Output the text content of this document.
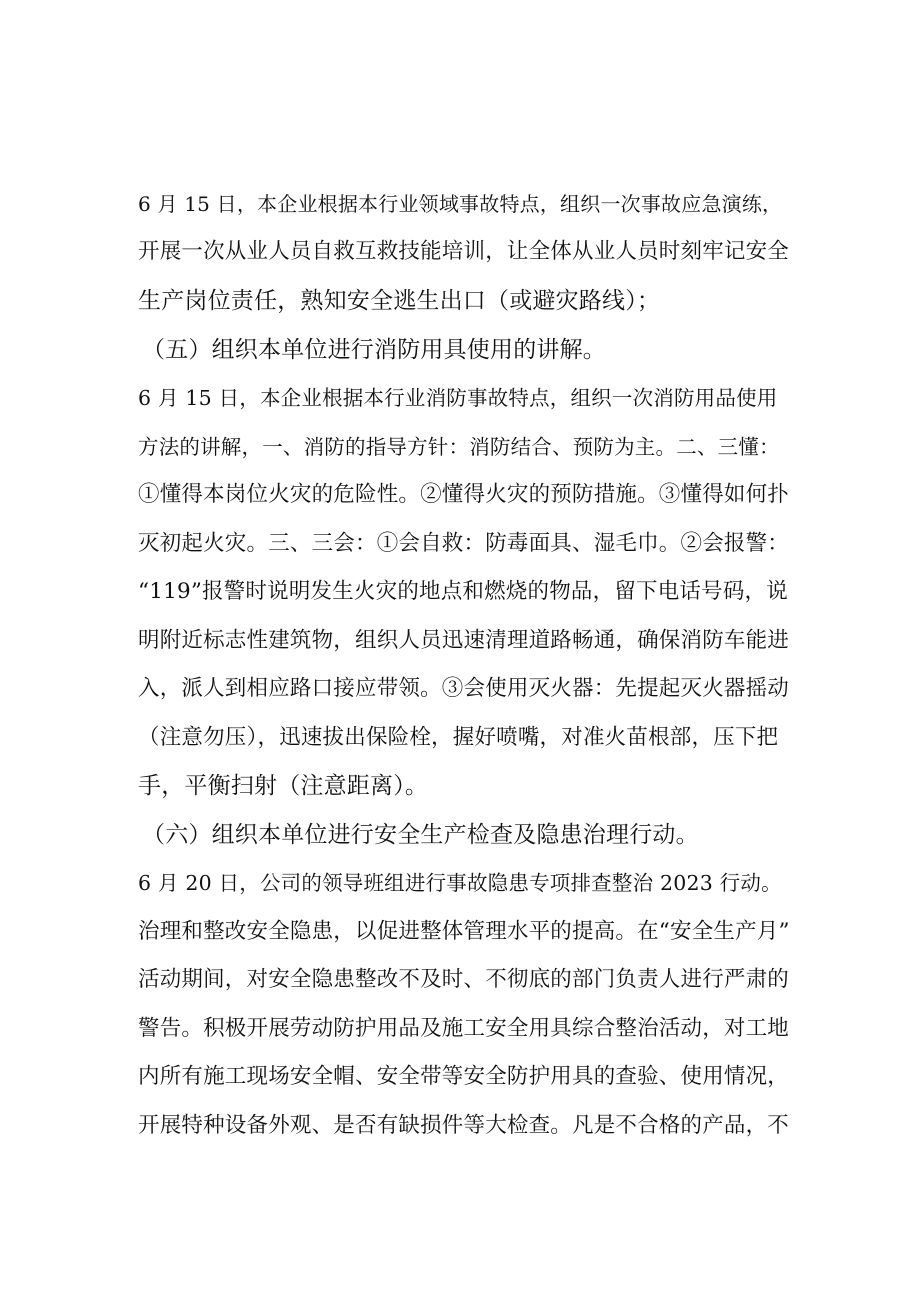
6 月 15 日，本企业根据本行业领域事故特点，组织一次事故应急演练，
开展一次从业人员自救互救技能培训，让全体从业人员时刻牢记安全
生产岗位责任，熟知安全逃生出口（或避灾路线）；
（五）组织本单位进行消防用具使用的讲解。
6 月 15 日，本企业根据本行业消防事故特点，组织一次消防用品使用
方法的讲解，一、消防的指导方针：消防结合、预防为主。二、三懂：
①懂得本岗位火灾的危险性。②懂得火灾的预防措施。③懂得如何扑
灭初起火灾。三、三会：①会自救：防毒面具、湿毛巾。②会报警：
“119”报警时说明发生火灾的地点和燃烧的物品，留下电话号码，说
明附近标志性建筑物，组织人员迅速清理道路畅通，确保消防车能进
入，派人到相应路口接应带领。③会使用灭火器：先提起灭火器摇动
（注意勿压），迅速拔出保险栓，握好喷嘴，对准火苗根部，压下把
手，平衡扫射（注意距离）。
（六）组织本单位进行安全生产检查及隐患治理行动。
6 月 20 日，公司的领导班组进行事故隐患专项排查整治 2023 行动。
治理和整改安全隐患，以促进整体管理水平的提高。在“安全生产月”
活动期间，对安全隐患整改不及时、不彻底的部门负责人进行严肃的
警告。积极开展劳动防护用品及施工安全用具综合整治活动，对工地
内所有施工现场安全帽、安全带等安全防护用具的查验、使用情况，
开展特种设备外观、是否有缺损件等大检查。凡是不合格的产品，不
